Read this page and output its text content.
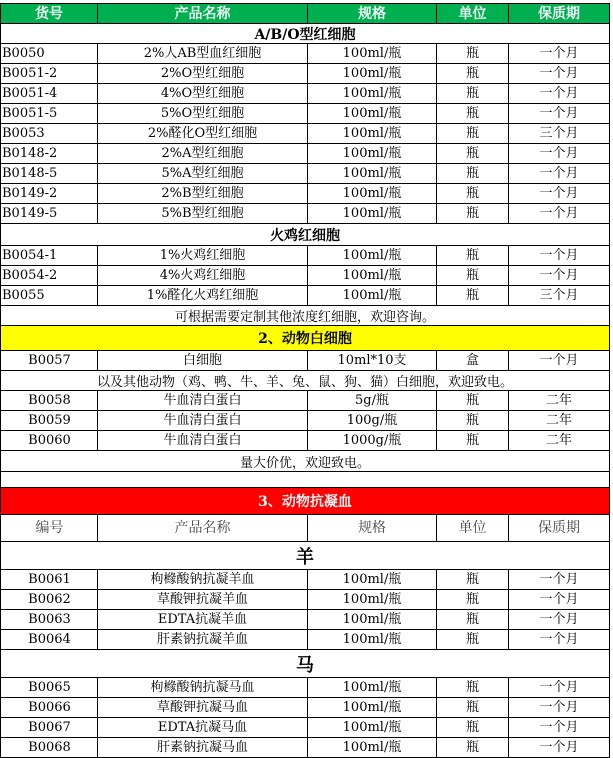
货号	产品名称	规格	单位	保质期
A/B/O型红细胞
B0050	2%人AB型血红细胞	100ml/瓶	瓶	一个月
B0051-2	2%O型红细胞	100ml/瓶	瓶	一个月
B0051-4	4%O型红细胞	100ml/瓶	瓶	一个月
B0051-5	5%O型红细胞	100ml/瓶	瓶	一个月
B0053	2%醛化O型红细胞	100ml/瓶	瓶	三个月
B0148-2	2%A型红细胞	100ml/瓶	瓶	一个月
B0148-5	5%A型红细胞	100ml/瓶	瓶	一个月
B0149-2	2%B型红细胞	100ml/瓶	瓶	一个月
B0149-5	5%B型红细胞	100ml/瓶	瓶	一个月
火鸡红细胞
B0054-1	1%火鸡红细胞	100ml/瓶	瓶	一个月
B0054-2	4%火鸡红细胞	100ml/瓶	瓶	一个月
B0055	1%醛化火鸡红细胞	100ml/瓶	瓶	三个月
可根据需要定制其他浓度红细胞，欢迎咨询。
2、动物白细胞
B0057	白细胞	10ml*10支	盒	一个月
以及其他动物（鸡、鸭、牛、羊、兔、鼠、狗、猫）白细胞，欢迎致电。
B0058	牛血清白蛋白	5g/瓶	瓶	二年
B0059	牛血清白蛋白	100g/瓶	瓶	二年
B0060	牛血清白蛋白	1000g/瓶	瓶	二年
量大价优，欢迎致电。
3、动物抗凝血
编号	产品名称	规格	单位	保质期
羊
B0061	枸橼酸钠抗凝羊血	100ml/瓶	瓶	一个月
B0062	草酸钾抗凝羊血	100ml/瓶	瓶	一个月
B0063	EDTA抗凝羊血	100ml/瓶	瓶	一个月
B0064	肝素钠抗凝羊血	100ml/瓶	瓶	一个月
马
B0065	枸橼酸钠抗凝马血	100ml/瓶	瓶	一个月
B0066	草酸钾抗凝马血	100ml/瓶	瓶	一个月
B0067	EDTA抗凝马血	100ml/瓶	瓶	一个月
B0068	肝素钠抗凝马血	100ml/瓶	瓶	一个月
